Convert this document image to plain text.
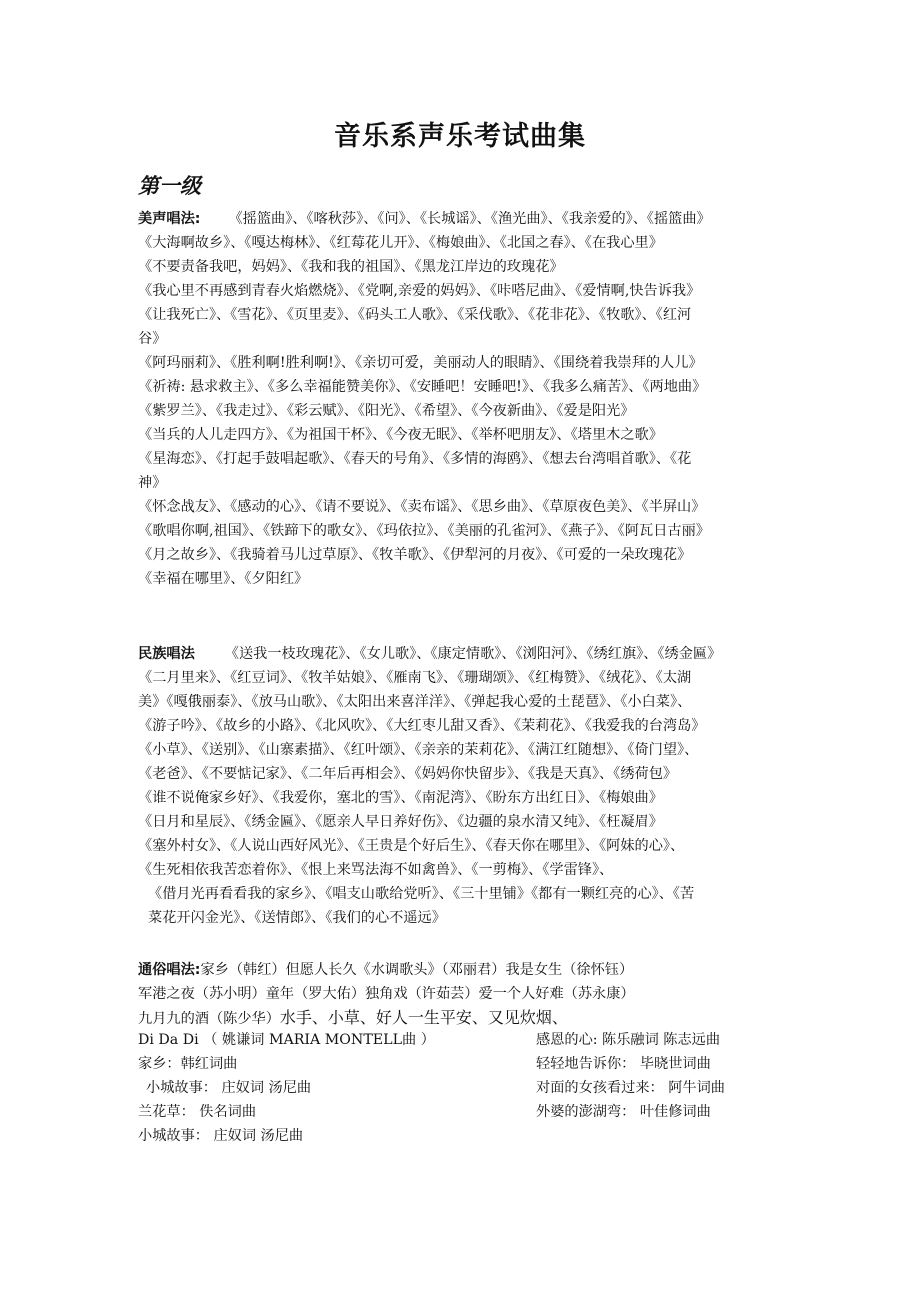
音乐系声乐考试曲集
第一级
美声唱法: 《摇篮曲》、《喀秋莎》、《问》、《长城谣》、《渔光曲》、《我亲爱的》、《摇篮曲》
《大海啊故乡》、《嘎达梅林》、《红莓花儿开》、《梅娘曲》、《北国之春》、《在我心里》
《不要责备我吧，妈妈》、《我和我的祖国》、《黑龙江岸边的玫瑰花》
《我心里不再感到青春火焰燃烧》、《党啊,亲爱的妈妈》、《咔嗒尼曲》、《爱情啊,快告诉我》
《让我死亡》、《雪花》、《页里麦》、《码头工人歌》、《采伐歌》、《花非花》、《牧歌》、《红河
谷》
《阿玛丽莉》、《胜利啊!胜利啊!》、《亲切可爱，美丽动人的眼睛》、《围绕着我崇拜的人儿》
《祈祷: 悬求救主》、《多么幸福能赞美你》、《安睡吧！安睡吧!》、《我多么痛苦》、《两地曲》
《紫罗兰》、《我走过》、《彩云赋》、《阳光》、《希望》、《今夜新曲》、《爱是阳光》
《当兵的人儿走四方》、《为祖国干杯》、《今夜无眠》、《举杯吧朋友》、《塔里木之歌》
《星海恋》、《打起手鼓唱起歌》、《春天的号角》、《多情的海鸥》、《想去台湾唱首歌》、《花
神》
《怀念战友》、《感动的心》、《请不要说》、《卖布谣》、《思乡曲》、《草原夜色美》、《半屏山》
《歌唱你啊,祖国》、《铁蹄下的歌女》、《玛依拉》、《美丽的孔雀河》、《燕子》、《阿瓦日古丽》
《月之故乡》、《我骑着马儿过草原》、《牧羊歌》、《伊犁河的月夜》、《可爱的一朵玫瑰花》
《幸福在哪里》、《夕阳红》
民族唱法 《送我一枝玫瑰花》、《女儿歌》、《康定情歌》、《浏阳河》、《绣红旗》、《绣金匾》
《二月里来》、《红豆词》、《牧羊姑娘》、《雁南飞》、《珊瑚颂》、《红梅赞》、《绒花》、《太湖
美》《嘎俄丽泰》、《放马山歌》、《太阳出来喜洋洋》、《弹起我心爱的土琵琶》、《小白菜》、
《游子吟》、《故乡的小路》、《北风吹》、《大红枣儿甜又香》、《茉莉花》、《我爱我的台湾岛》
《小草》、《送别》、《山寨素描》、《红叶颂》、《亲亲的茉莉花》、《满江红随想》、《倚门望》、
《老爸》、《不要惦记家》、《二年后再相会》、《妈妈你快留步》、《我是天真》、《绣荷包》
《谁不说俺家乡好》、《我爱你，塞北的雪》、《南泥湾》、《盼东方出红日》、《梅娘曲》
《日月和星辰》、《绣金匾》、《愿亲人早日养好伤》、《边疆的泉水清又纯》、《枉凝眉》
《塞外村女》、《人说山西好风光》、《王贵是个好后生》、《春天你在哪里》、《阿妹的心》、
《生死相依我苦恋着你》、《恨上来骂法海不如禽兽》、《一剪梅》、《学雷锋》、
《借月光再看看我的家乡》、《唱支山歌给党听》、《三十里铺》《都有一颗红亮的心》、《苦
菜花开闪金光》、《送情郎》、《我们的心不遥远》
通俗唱法:家乡（韩红）但愿人长久《水调歌头》（邓丽君）我是女生（徐怀钰）
军港之夜（苏小明）童年（罗大佑）独角戏（许茹芸）爱一个人好难（苏永康）
九月九的酒（陈少华）水手、小草、好人一生平安、又见炊烟、
Di Da Di （ 姚谦词 MARIA MONTELL曲 ）	感恩的心: 陈乐融词 陈志远曲
家乡：韩红词曲	轻轻地告诉你： 毕晓世词曲
小城故事： 庄奴词 汤尼曲	对面的女孩看过来： 阿牛词曲
兰花草： 佚名词曲	外婆的澎湖弯： 叶佳修词曲
小城故事： 庄奴词 汤尼曲
